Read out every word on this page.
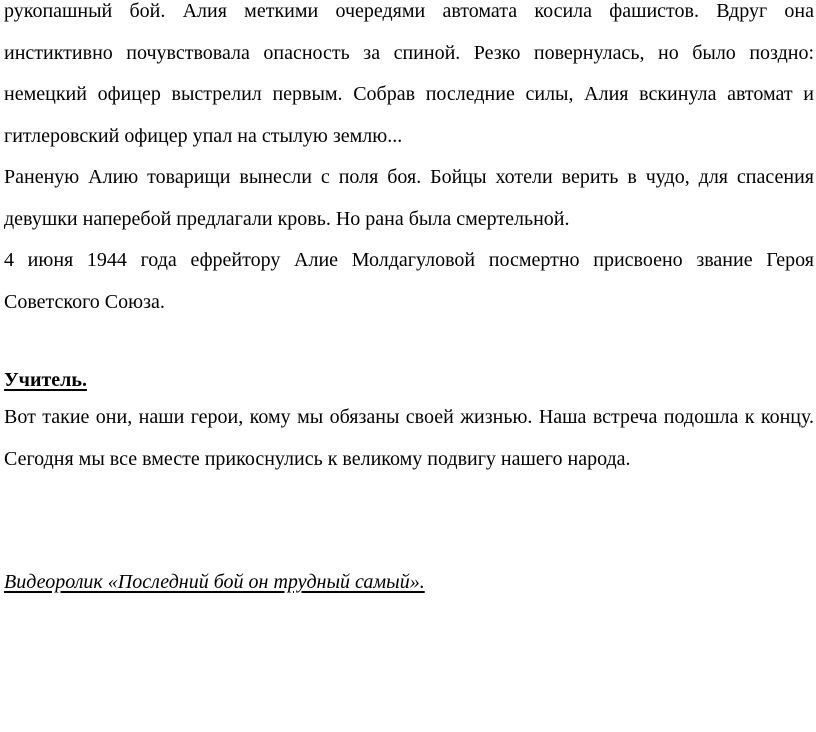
рукопашный бой. Алия меткими очередями автомата косила фашистов. Вдруг она инстиктивно почувствовала опасность за спиной. Резко повернулась, но было поздно: немецкий офицер выстрелил первым. Собрав последние силы, Алия вскинула автомат и гитлеровский офицер упал на стылую землю...

Раненую Алию товарищи вынесли с поля боя. Бойцы хотели верить в чудо, для спасения девушки наперебой предлагали кровь. Но рана была смертельной.

4 июня 1944 года ефрейтору Алие Молдагуловой посмертно присвоено звание Героя Советского Союза.

Учитель.

Вот такие они, наши герои, кому мы обязаны своей жизнью. Наша встреча подошла к концу. Сегодня мы все вместе прикоснулись к великому подвигу нашего народа.

Видеоролик «Последний бой он трудный самый».
